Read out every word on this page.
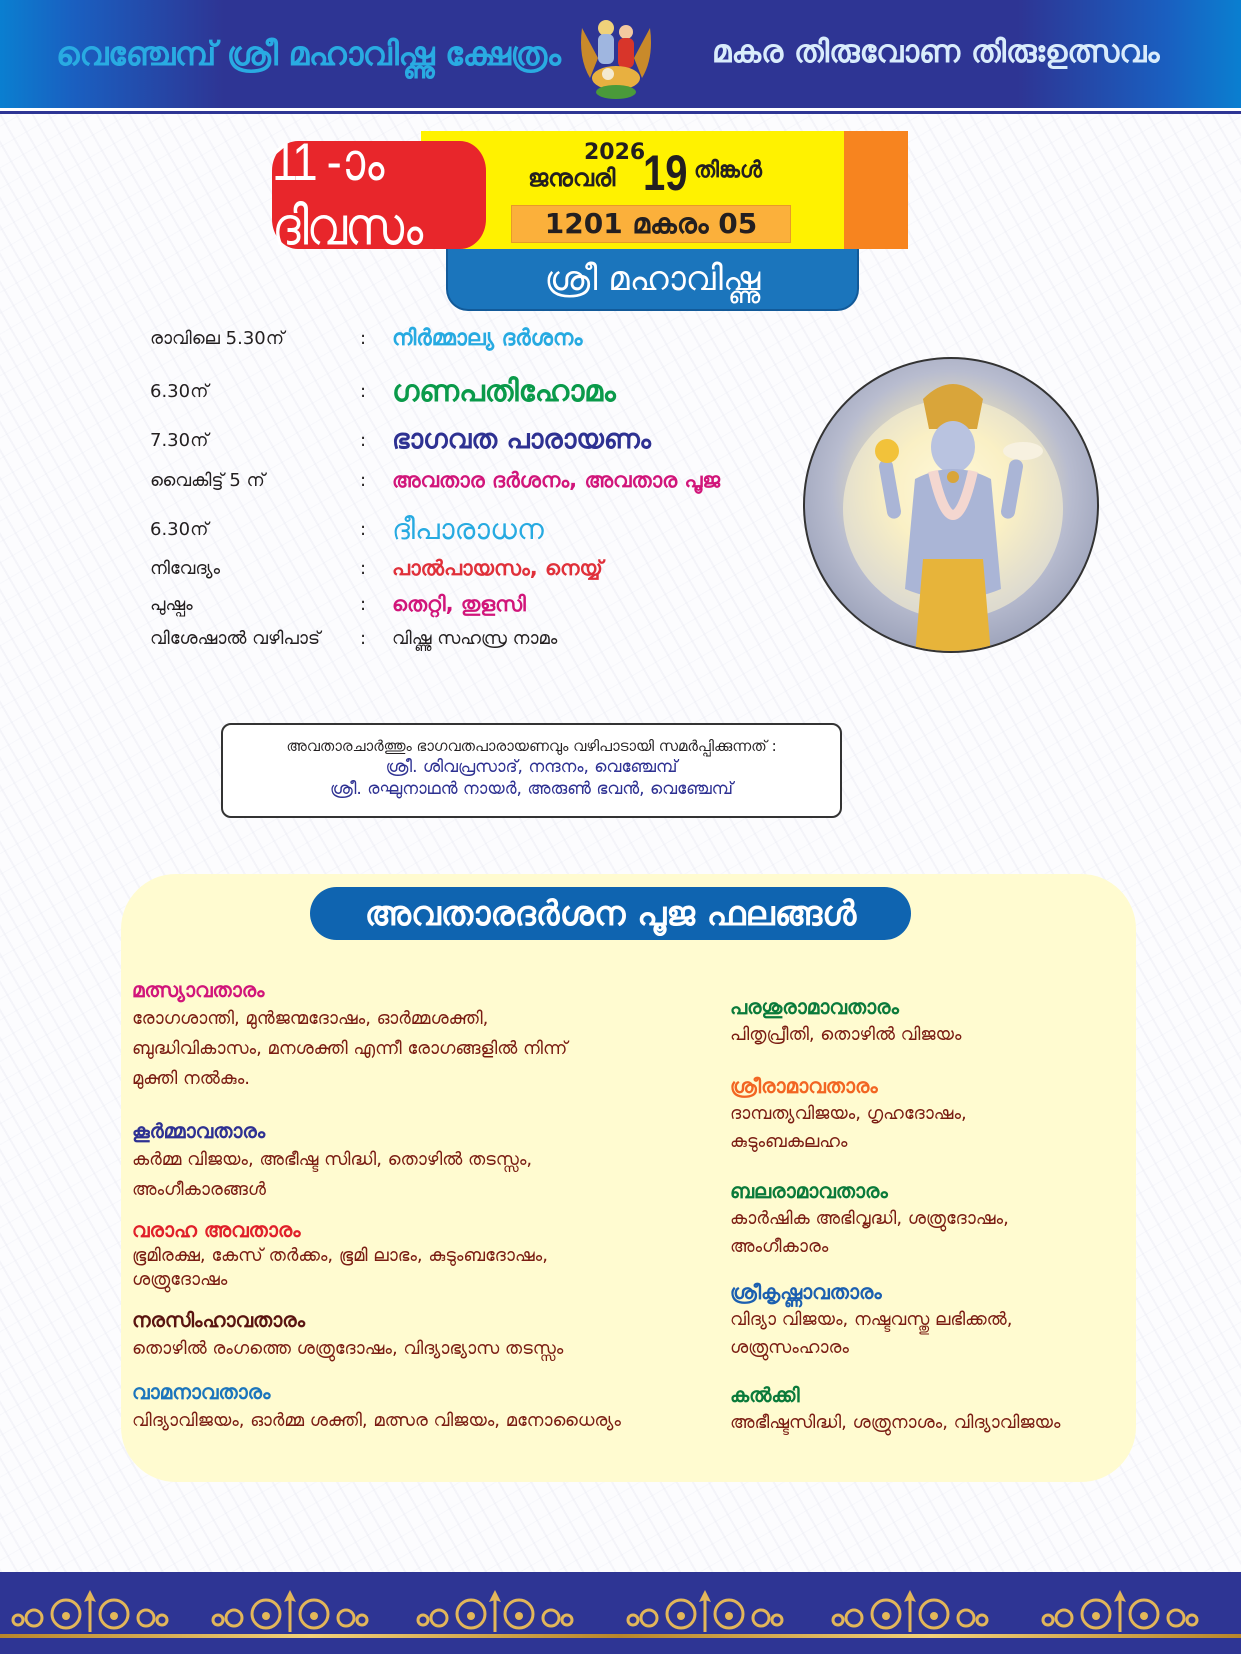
വെഞ്ചേമ്പ് ശ്രീ മഹാവിഷ്ണു ക്ഷേത്രം	മകര തിരുവോണ തിരുഃഉത്സവം
11 -ാം ദിവസം
2026
ജനുവരി 19 തിങ്കൾ
1201 മകരം 05
ശ്രീ മഹാവിഷ്ണു
രാവിലെ 5.30ന്	:	നിർമ്മാല്യ ദർശനം
6.30ന്	: ഗണപതിഹോമം
7.30ന്	: ഭാഗവത പാരായണം
വൈകിട്ട് 5 ന്	:	അവതാര ദർശനം, അവതാര പൂജ
6.30ന്	: ദീപാരാധന
നിവേദ്യം	:	പാൽപായസം, നെയ്യ്
പുഷ്പം	:	തെറ്റി, തുളസി
വിശേഷാൽ വഴിപാട്	:	വിഷ്ണു സഹസ്ര നാമം
അവതാരചാർത്തും ഭാഗവതപാരായണവും വഴിപാടായി സമർപ്പിക്കുന്നത് :
ശ്രീ. ശിവപ്രസാദ്, നന്ദനം, വെഞ്ചേമ്പ്
ശ്രീ. രഘുനാഥൻ നായർ, അരുൺ ഭവൻ, വെഞ്ചേമ്പ്
അവതാരദർശന പൂജ ഫലങ്ങൾ
മത്സ്യാവതാരം
രോഗശാന്തി, മുൻജന്മദോഷം, ഓർമ്മശക്തി,
ബുദ്ധിവികാസം, മനശക്തി എന്നീ രോഗങ്ങളിൽ നിന്ന്
മുക്തി നൽകും.
കൂർമ്മാവതാരം
കർമ്മ വിജയം, അഭീഷ്ട സിദ്ധി, തൊഴിൽ തടസ്സം,
അംഗീകാരങ്ങൾ
വരാഹ അവതാരം
ഭൂമിരക്ഷ, കേസ് തർക്കം, ഭൂമി ലാഭം, കുടുംബദോഷം,
ശത്രുദോഷം
നരസിംഹാവതാരം
തൊഴിൽ രംഗത്തെ ശത്രുദോഷം, വിദ്യാഭ്യാസ തടസ്സം
വാമനാവതാരം
വിദ്യാവിജയം, ഓർമ്മ ശക്തി, മത്സര വിജയം, മനോധൈര്യം
പരശുരാമാവതാരം
പിതൃപ്രീതി, തൊഴിൽ വിജയം
ശ്രീരാമാവതാരം
ദാമ്പത്യവിജയം, ഗൃഹദോഷം,
കുടുംബകലഹം
ബലരാമാവതാരം
കാർഷിക അഭിവൃദ്ധി, ശത്രുദോഷം,
അംഗീകാരം
ശ്രീകൃഷ്ണാവതാരം
വിദ്യാ വിജയം, നഷ്ടവസ്തു ലഭിക്കൽ,
ശത്രുസംഹാരം
കൽക്കി
അഭീഷ്ടസിദ്ധി, ശത്രുനാശം, വിദ്യാവിജയം
